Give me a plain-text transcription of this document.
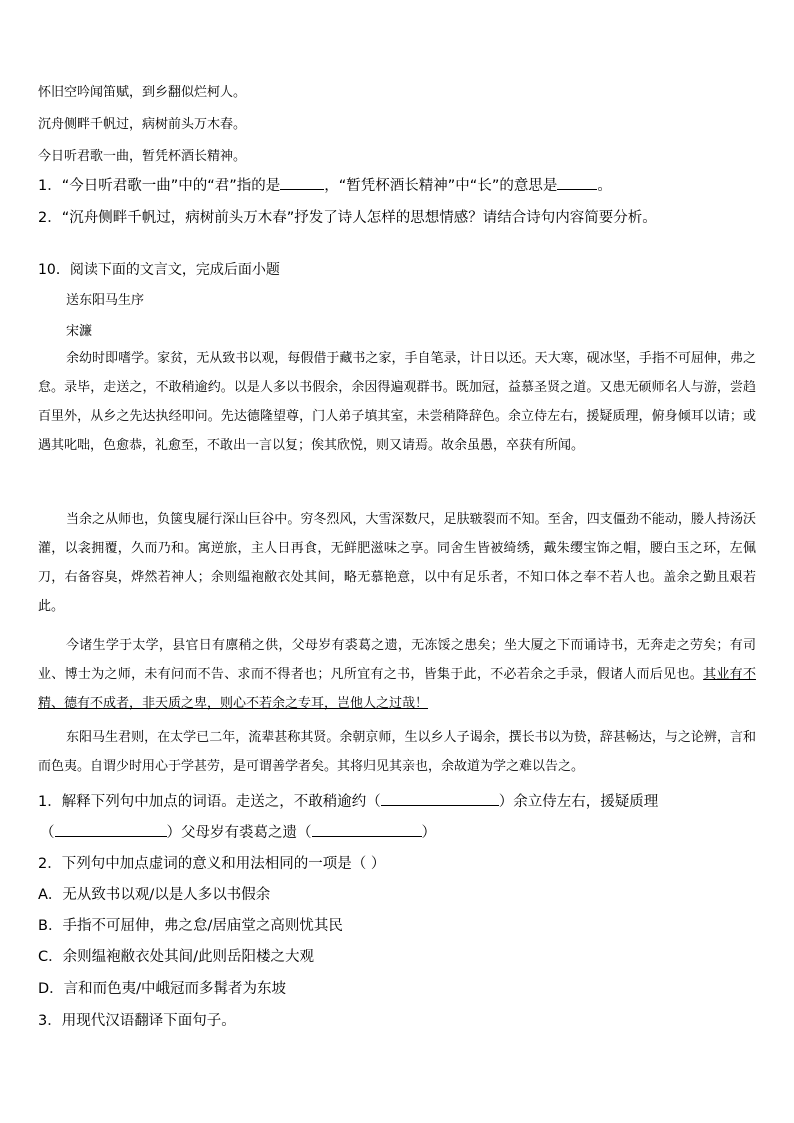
怀旧空吟闻笛赋，到乡翻似烂柯人。
沉舟侧畔千帆过，病树前头万木春。
今日听君歌一曲，暂凭杯酒长精神。
1．“今日听君歌一曲”中的“君”指的是	，“暂凭杯酒长精神”中“长”的意思是	。
2．“沉舟侧畔千帆过，病树前头万木春”抒发了诗人怎样的思想情感？请结合诗句内容简要分析。
10．阅读下面的文言文，完成后面小题
送东阳马生序
宋濂
余幼时即嗜学。家贫，无从致书以观，每假借于藏书之家，手自笔录，计日以还。天大寒，砚冰坚，手指不可屈伸，弗之怠。录毕，走送之，不敢稍逾约。以是人多以书假余，余因得遍观群书。既加冠，益慕圣贤之道。又患无硕师名人与游，尝趋百里外，从乡之先达执经叩问。先达德隆望尊，门人弟子填其室，未尝稍降辞色。余立侍左右，援疑质理，俯身倾耳以请；或遇其叱咄，色愈恭，礼愈至，不敢出一言以复；俟其欣悦，则又请焉。故余虽愚，卒获有所闻。
当余之从师也，负箧曳屣行深山巨谷中。穷冬烈风，大雪深数尺，足肤皲裂而不知。至舍，四支僵劲不能动，媵人持汤沃灌，以衾拥覆，久而乃和。寓逆旅，主人日再食，无鲜肥滋味之享。同舍生皆被绮绣，戴朱缨宝饰之帽，腰白玉之环，左佩刀，右备容臭，烨然若神人；余则缊袍敝衣处其间，略无慕艳意，以中有足乐者，不知口体之奉不若人也。盖余之勤且艰若此。
今诸生学于太学，县官日有廪稍之供，父母岁有裘葛之遗，无冻馁之患矣；坐大厦之下而诵诗书，无奔走之劳矣；有司业、博士为之师，未有问而不告、求而不得者也；凡所宜有之书，皆集于此，不必若余之手录，假诸人而后见也。其业有不精、德有不成者，非天质之卑，则心不若余之专耳，岂他人之过哉！
东阳马生君则，在太学已二年，流辈甚称其贤。余朝京师，生以乡人子谒余，撰长书以为贽，辞甚畅达，与之论辨，言和而色夷。自谓少时用心于学甚劳，是可谓善学者矣。其将归见其亲也，余故道为学之难以告之。
1．解释下列句中加点的词语。走送之，不敢稍逾约（	）余立侍左右，援疑质理
（	）父母岁有裘葛之遗（	）
2．下列句中加点虚词的意义和用法相同的一项是（ ）
A．无从致书以观/以是人多以书假余
B．手指不可屈伸，弗之怠/居庙堂之高则忧其民
C．余则缊袍敝衣处其间/此则岳阳楼之大观
D．言和而色夷/中峨冠而多髯者为东坡
3．用现代汉语翻译下面句子。
